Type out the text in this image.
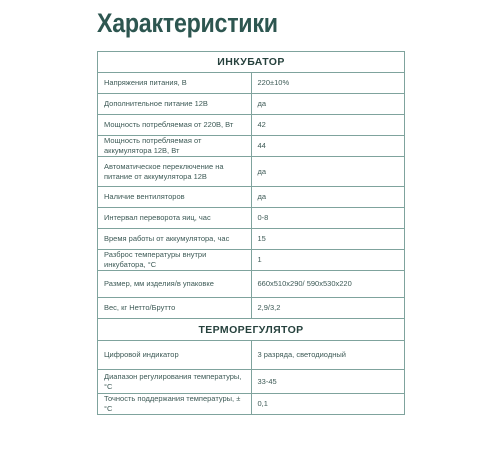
Характеристики
ИНКУБАТОР	
Напряжения питания, В	220±10%
Дополнительное питание 12В	да
Мощность потребляемая от 220В, Вт	42
Мощность потребляемая от аккумулятора 12В, Вт	44
Автоматическое переключение на питание от аккумулятора 12В	да
Наличие вентиляторов	да
Интервал переворота яиц, час	0-8
Время работы от аккумулятора, час	15
Разброс температуры внутри инкубатора, °С	1
Размер, мм изделия/в упаковке	660x510x290/ 590x530x220
Вес, кг Нетто/Брутто	2,9/3,2
ТЕРМОРЕГУЛЯТОР	
Цифровой индикатор	3 разряда, светодиодный
Диапазон регулирования температуры, °С	33-45
Точность поддержания температуры, ± °С	0,1
